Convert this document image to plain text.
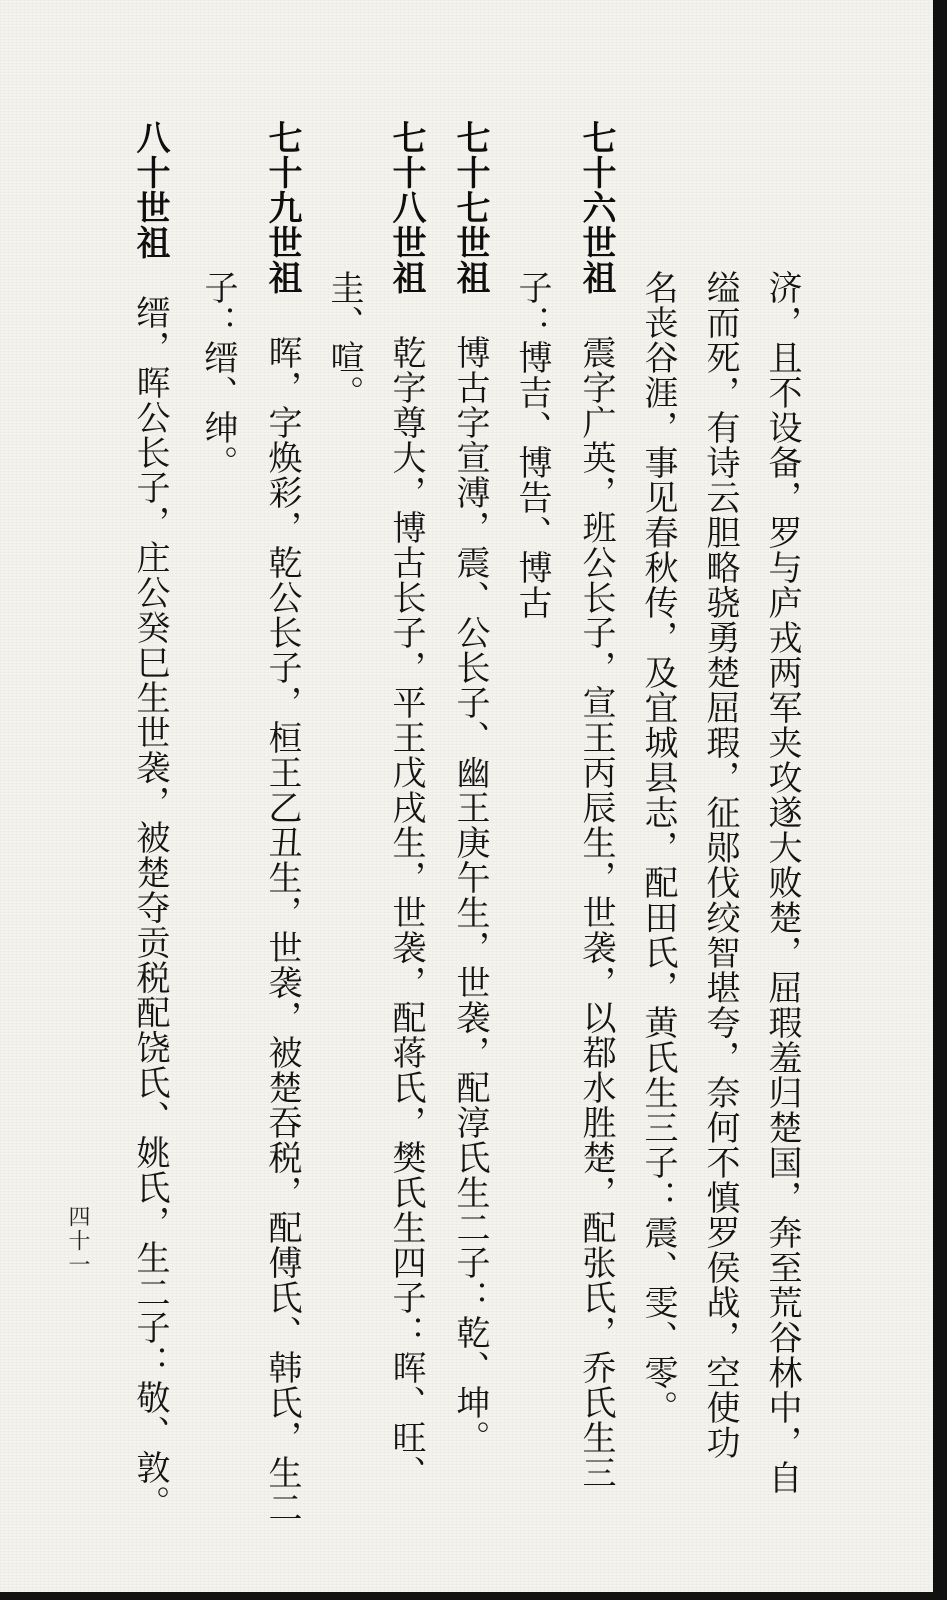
济，且不设备，罗与庐戎两军夹攻遂大败楚，屈瑕羞归楚国，奔至荒谷林中，自
缢而死，有诗云胆略骁勇楚屈瑕，征郧伐绞智堪夸，奈何不慎罗侯战，空使功
名丧谷涯，事见春秋传，及宜城县志，配田氏，黄氏生三子：震、雯、零。
七十六世祖
震字广英，班公长子，宣王丙辰生，世袭，以鄀水胜楚，配张氏，乔氏生三
子：博吉、博告、博古
七十七世祖
博古字宣溥，震、公长子、幽王庚午生，世袭，配淳氏生二子：乾、坤。
七十八世祖
乾字尊大，博古长子，平王戊戌生，世袭，配蒋氏，樊氏生四子：晖、旺、
圭、喧。
七十九世祖
晖，字焕彩，乾公长子，桓王乙丑生，世袭，被楚吞税，配傅氏、韩氏，生二
子：缙、绅。
八十世祖
缙，晖公长子，庄公癸巳生世袭，被楚夺贡税配饶氏、姚氏，生二子：敬、敦。
四十一
